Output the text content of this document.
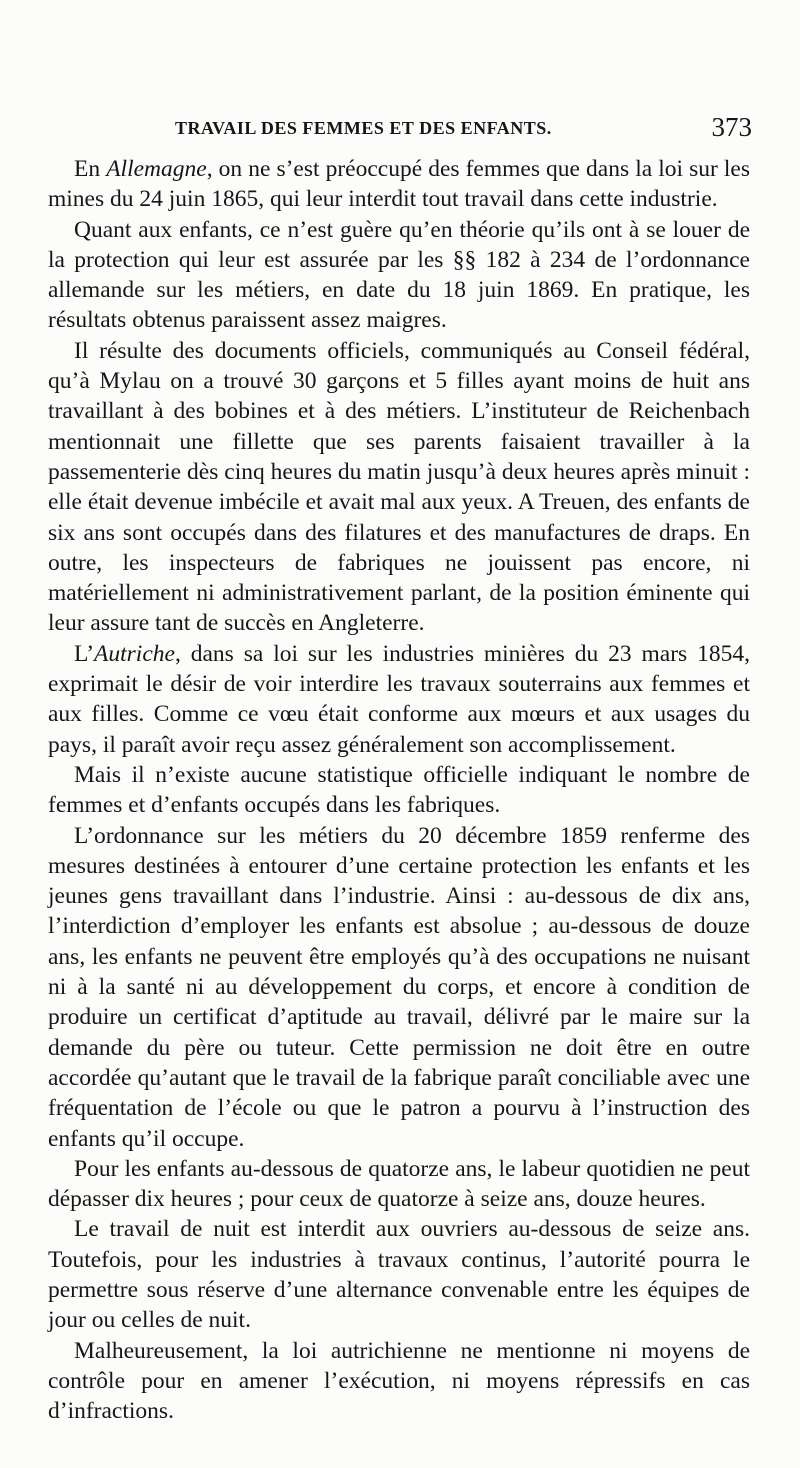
TRAVAIL DES FEMMES ET DES ENFANTS.	373

En Allemagne, on ne s’est préoccupé des femmes que dans la loi sur les mines du 24 juin 1865, qui leur interdit tout travail dans cette industrie.

Quant aux enfants, ce n’est guère qu’en théorie qu’ils ont à se louer de la protection qui leur est assurée par les §§ 182 à 234 de l’ordonnance allemande sur les métiers, en date du 18 juin 1869. En pratique, les résultats obtenus paraissent assez maigres.

Il résulte des documents officiels, communiqués au Conseil fédéral, qu’à Mylau on a trouvé 30 garçons et 5 filles ayant moins de huit ans travaillant à des bobines et à des métiers. L’instituteur de Reichenbach mentionnait une fillette que ses parents faisaient travailler à la passementerie dès cinq heures du matin jusqu’à deux heures après minuit : elle était devenue imbécile et avait mal aux yeux. A Treuen, des enfants de six ans sont occupés dans des filatures et des manufactures de draps. En outre, les inspecteurs de fabriques ne jouissent pas encore, ni matériellement ni administrativement parlant, de la position éminente qui leur assure tant de succès en Angleterre.

L’Autriche, dans sa loi sur les industries minières du 23 mars 1854, exprimait le désir de voir interdire les travaux souterrains aux femmes et aux filles. Comme ce vœu était conforme aux mœurs et aux usages du pays, il paraît avoir reçu assez généralement son accomplissement.

Mais il n’existe aucune statistique officielle indiquant le nombre de femmes et d’enfants occupés dans les fabriques.

L’ordonnance sur les métiers du 20 décembre 1859 renferme des mesures destinées à entourer d’une certaine protection les enfants et les jeunes gens travaillant dans l’industrie. Ainsi : au-dessous de dix ans, l’interdiction d’employer les enfants est absolue ; au-dessous de douze ans, les enfants ne peuvent être employés qu’à des occupations ne nuisant ni à la santé ni au développement du corps, et encore à condition de produire un certificat d’aptitude au travail, délivré par le maire sur la demande du père ou tuteur. Cette permission ne doit être en outre accordée qu’autant que le travail de la fabrique paraît conciliable avec une fréquentation de l’école ou que le patron a pourvu à l’instruction des enfants qu’il occupe.

Pour les enfants au-dessous de quatorze ans, le labeur quotidien ne peut dépasser dix heures ; pour ceux de quatorze à seize ans, douze heures.

Le travail de nuit est interdit aux ouvriers au-dessous de seize ans. Toutefois, pour les industries à travaux continus, l’autorité pourra le permettre sous réserve d’une alternance convenable entre les équipes de jour ou celles de nuit.

Malheureusement, la loi autrichienne ne mentionne ni moyens de contrôle pour en amener l’exécution, ni moyens répressifs en cas d’infractions.
